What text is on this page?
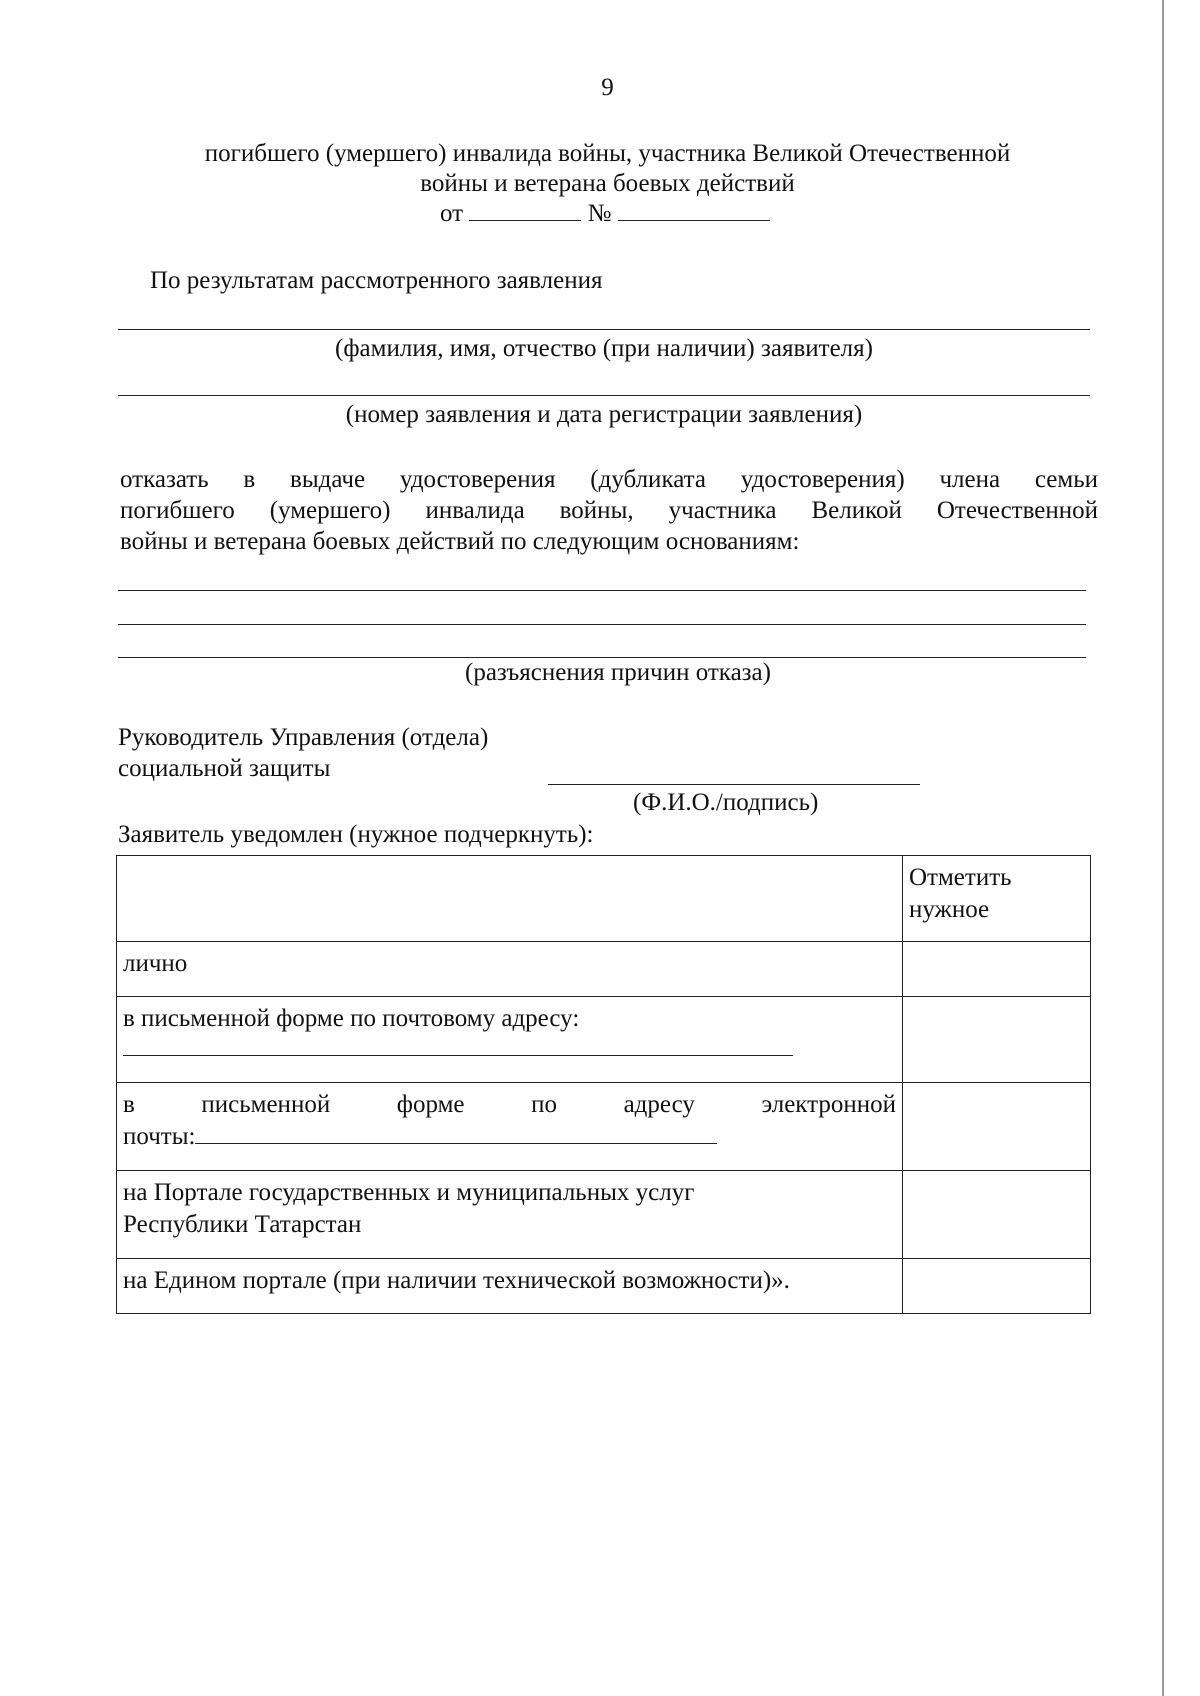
9
погибшего (умершего) инвалида войны, участника Великой Отечественной
войны и ветерана боевых действий
от	№
По результатам рассмотренного заявления
(фамилия, имя, отчество (при наличии) заявителя)
(номер заявления и дата регистрации заявления)
отказать в выдаче удостоверения (дубликата удостоверения) члена семьи
погибшего (умершего) инвалида войны, участника Великой Отечественной
войны и ветерана боевых действий по следующим основаниям:
(разъяснения причин отказа)
Руководитель Управления (отдела)
социальной защиты
(Ф.И.О./подпись)
Заявитель уведомлен (нужное подчеркнуть):
	Отметить нужное
лично	

в письменной форме по почтовому адресу:	

в письменной форме по адресу электронной
почты:	

на Портале государственных и муниципальных услуг Республики Татарстан	
на Едином портале (при наличии технической возможности)».	
